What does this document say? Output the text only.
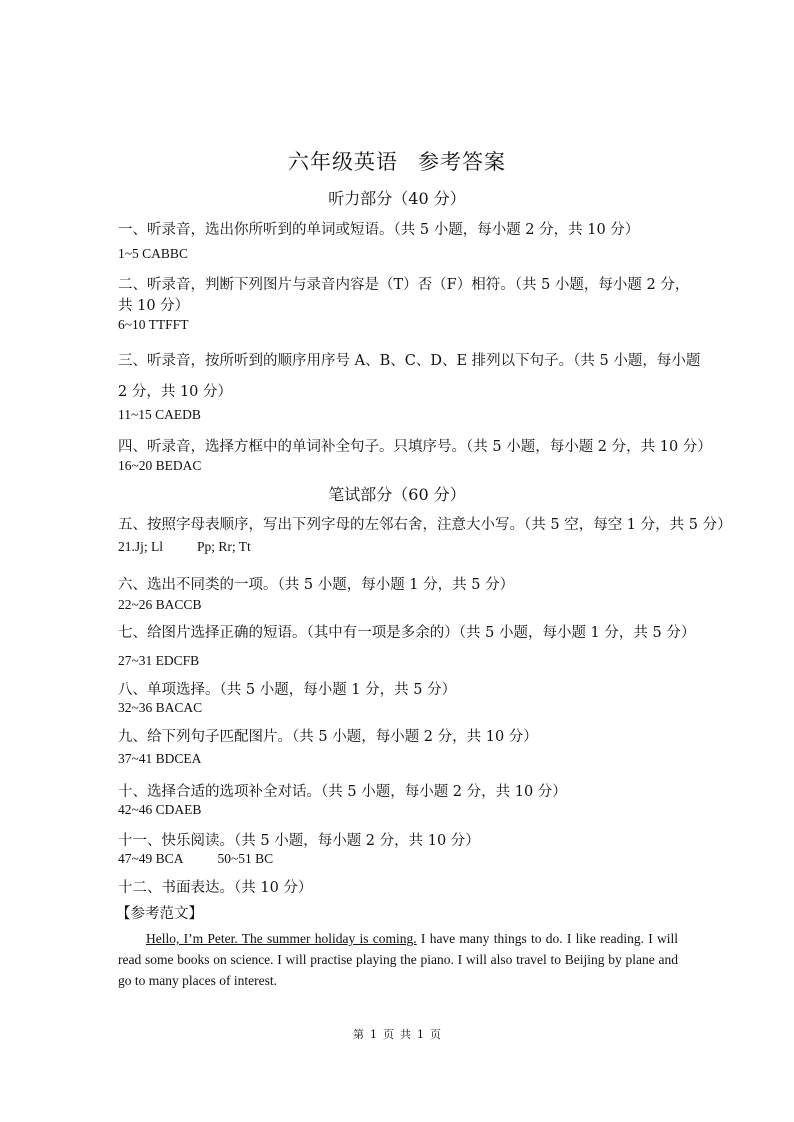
六年级英语 参考答案
听力部分（40 分）
一、听录音，选出你所听到的单词或短语。（共 5 小题，每小题 2 分，共 10 分）
1~5 CABBC
二、听录音，判断下列图片与录音内容是（T）否（F）相符。（共 5 小题，每小题 2 分，
共 10 分）
6~10 TTFFT
三、听录音，按所听到的顺序用序号 A、B、C、D、E 排列以下句子。（共 5 小题，每小题
2 分，共 10 分）
11~15 CAEDB
四、听录音，选择方框中的单词补全句子。只填序号。（共 5 小题，每小题 2 分，共 10 分）
16~20 BEDAC
笔试部分（60 分）
五、按照字母表顺序，写出下列字母的左邻右舍，注意大小写。（共 5 空，每空 1 分，共 5 分）
21.Jj; Ll	Pp; Rr; Tt
六、选出不同类的一项。（共 5 小题，每小题 1 分，共 5 分）
22~26 BACCB
七、给图片选择正确的短语。（其中有一项是多余的）（共 5 小题，每小题 1 分，共 5 分）
27~31 EDCFB
八、单项选择。（共 5 小题，每小题 1 分，共 5 分）
32~36 BACAC
九、给下列句子匹配图片。（共 5 小题，每小题 2 分，共 10 分）
37~41 BDCEA
十、选择合适的选项补全对话。（共 5 小题，每小题 2 分，共 10 分）
42~46 CDAEB
十一、快乐阅读。（共 5 小题，每小题 2 分，共 10 分）
47~49 BCA	50~51 BC
十二、书面表达。（共 10 分）
【参考范文】

Hello, I’m Peter. The summer holiday is coming. I have many things to do. I like reading. I will read some books on science. I will practise playing the piano. I will also travel to Beijing by plane and go to many places of interest.

第 1 页 共 1 页
